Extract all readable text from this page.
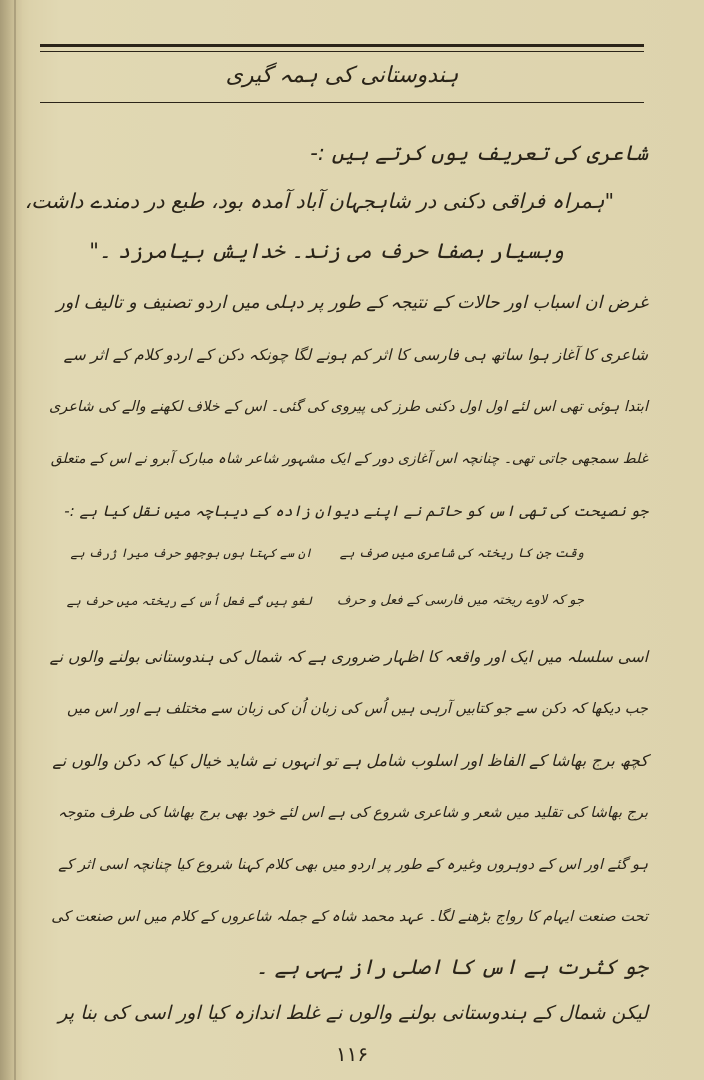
ہندوستانی کی ہمہ گیری
شاعری کی تعریف یوں کرتے ہیں :-
"ہمراہ فراقی دکنی در شاہجہان آباد آمدہ بود، طبع در دمندے داشت،
وبسیار بصفا حرف می زند۔ خدایش بیامرزد ۔"
غرض ان اسباب اور حالات کے نتیجہ کے طور پر دہلی میں اردو تصنیف و تالیف اور
شاعری کا آغاز ہوا ساتھ ہی فارسی کا اثر کم ہونے لگا چونکہ دکن کے اردو کلام کے اثر سے
ابتدا ہوئی تھی اس لئے اول اول دکنی طرز کی پیروی کی گئی۔ اس کے خلاف لکھنے والے کی شاعری
غلط سمجھی جاتی تھی۔ چنانچہ اس آغازی دور کے ایک مشہور شاعر شاہ مبارک آبرو نے اس کے متعلق
جو نصیحت کی تھی اس کو حاتم نے اپنے دیوان زادہ کے دیباچہ میں نقل کیا ہے :-
وقت جن کا ریختہ کی شاعری میں صرف ہے
ان سے کہتا ہوں بوجھو حرف میرا ژرف ہے
جو کہ لاوے ریختہ میں فارسی کے فعل و حرف
لغو ہیں گے فعل اُس کے ریختہ میں حرف ہے
اسی سلسلہ میں ایک اور واقعہ کا اظہار ضروری ہے کہ شمال کی ہندوستانی بولنے والوں نے
جب دیکھا کہ دکن سے جو کتابیں آرہی ہیں اُس کی زبان اُن کی زبان سے مختلف ہے اور اس میں
کچھ برج بھاشا کے الفاظ اور اسلوب شامل ہے تو انہوں نے شاید خیال کیا کہ دکن والوں نے
برج بھاشا کی تقلید میں شعر و شاعری شروع کی ہے اس لئے خود بھی برج بھاشا کی طرف متوجہ
ہو گئے اور اس کے دوہروں وغیرہ کے طور پر اردو میں بھی کلام کہنا شروع کیا چنانچہ اسی اثر کے
تحت صنعت ایہام کا رواج بڑھنے لگا۔ عہد محمد شاہ کے جملہ شاعروں کے کلام میں اس صنعت کی
جو کثرت ہے اس کا اصلی راز یہی ہے ۔
لیکن شمال کے ہندوستانی بولنے والوں نے غلط اندازہ کیا اور اسی کی بنا پر
۱۱۶
